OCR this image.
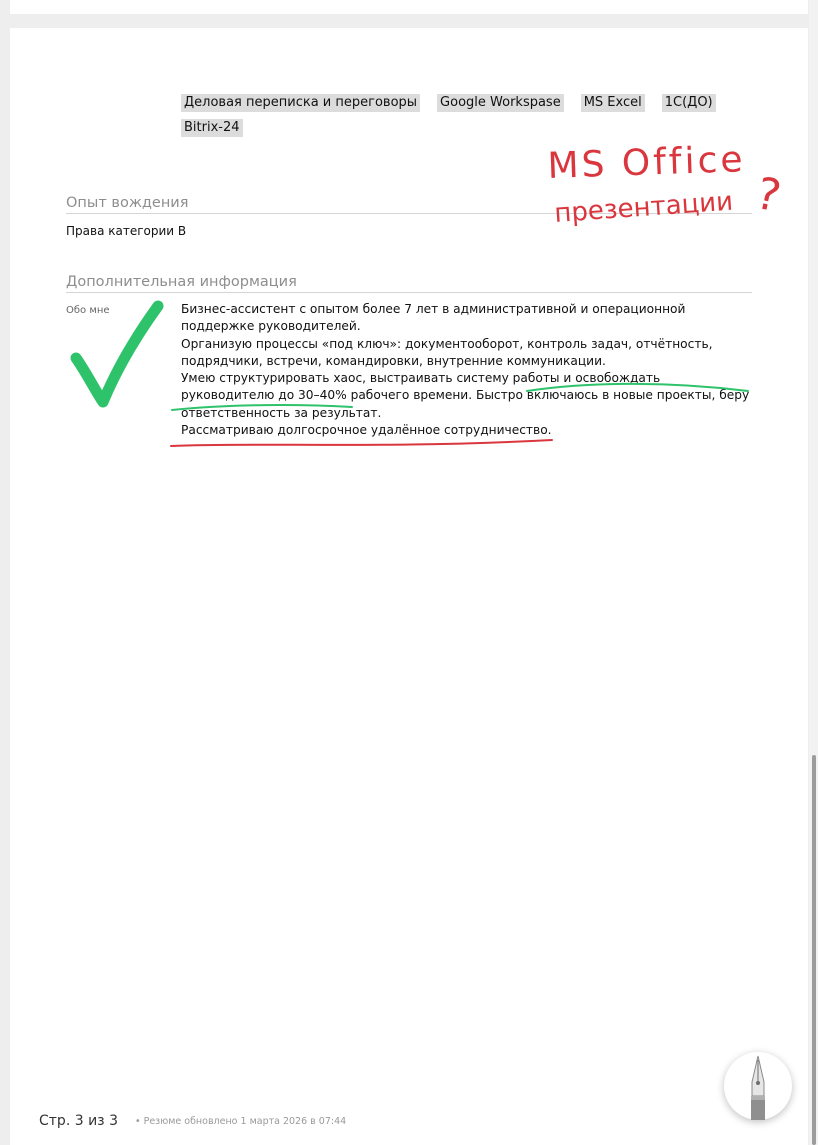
Деловая переписка и переговоры Google Workspase MS Excel 1С(ДО)
Bitrix-24
Опыт вождения
Права категории B
Дополнительная информация
Обо мне	Бизнес-ассистент с опытом более 7 лет в административной и операционной поддержке руководителей.

Организую процессы «под ключ»: документооборот, контроль задач, отчётность, подрядчики, встречи, командировки, внутренние коммуникации.

Умею структурировать хаос, выстраивать систему работы и освобождать руководителю до 30–40% рабочего времени. Быстро включаюсь в новые проекты, беру ответственность за результат.

Рассматриваю долгосрочное удалённое сотрудничество.

MS Office
презентации ?
Стр. 3 из 3	• Резюме обновлено 1 марта 2026 в 07:44
